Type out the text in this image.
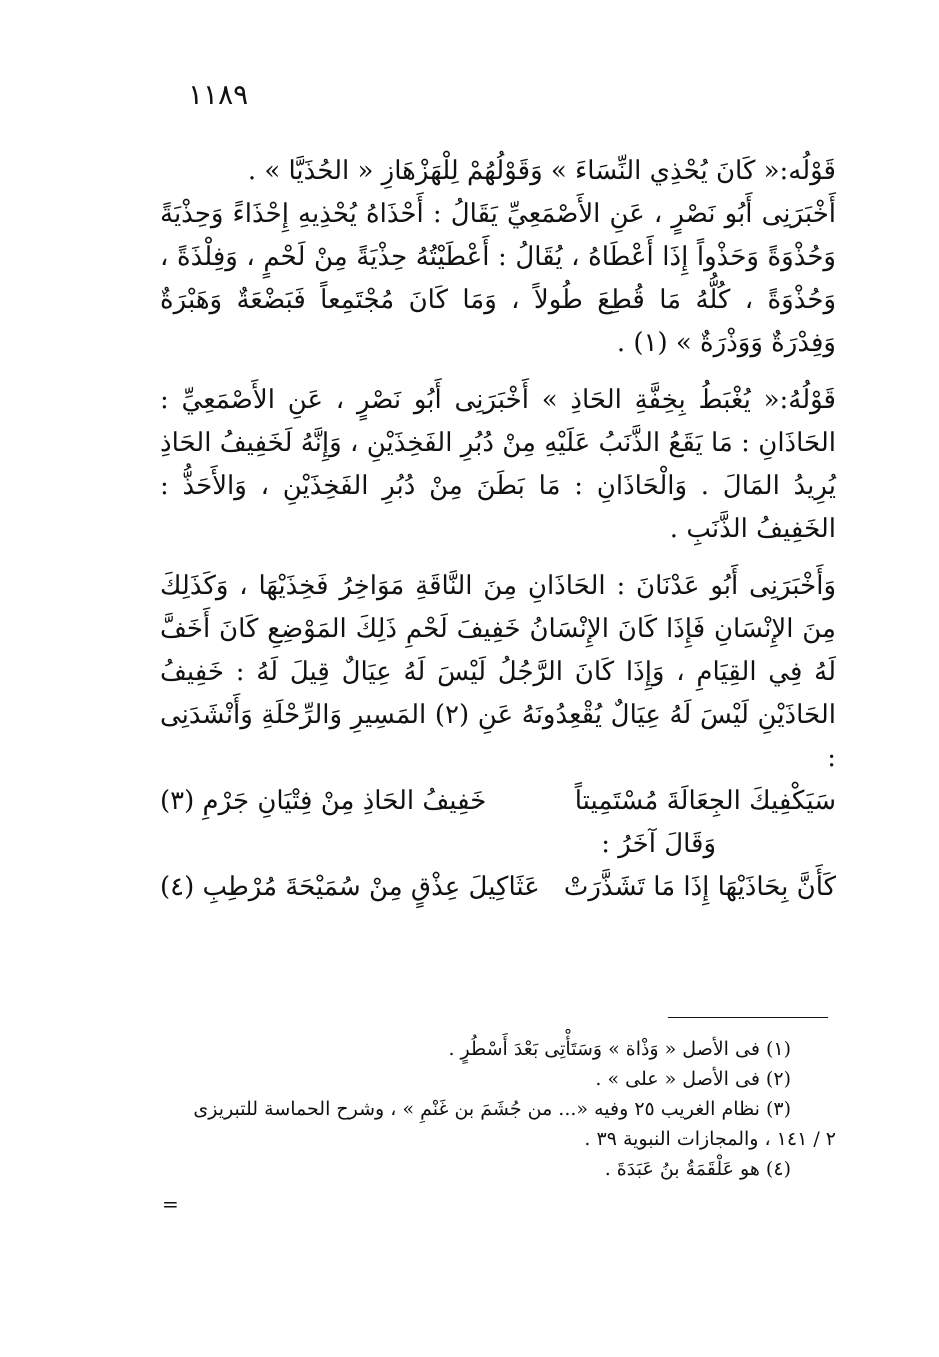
١١٨٩

قَوْلُه:« كَانَ يُحْذِي النِّسَاءَ » وَقَوْلُهُمْ لِلْهَزْهَازِ « الحُذَيَّا » .

أَخْبَرَنِى أَبُو نَصْرٍ ، عَنِ الأَصْمَعِيِّ يَقَالُ : أَحْذَاهُ يُحْذِيهِ إِحْذَاءً وَحِذْيَةً وَحُذْوَةً وَحَذْواً إِذَا أَعْطَاهُ ، يُقَالُ : أَعْطَيْتُهُ حِذْيَةً مِنْ لَحْمٍ ، وَفِلْذَةً ، وَحُذْوَةً ، كُلُّهُ مَا قُطِعَ طُولاً ، وَمَا كَانَ مُجْتَمِعاً فَبَضْعَةٌ وَهَبْرَةٌ وَفِدْرَةٌ وَوَذْرَةٌ » (١) .

قَوْلُهُ:« يُغْبَطُ بِخِفَّةِ الحَاذِ » أَخْبَرَنِى أَبُو نَصْرٍ ، عَنِ الأَصْمَعِيِّ : الحَاذَانِ : مَا يَقَعُ الذَّنَبُ عَلَيْهِ مِنْ دُبُرِ الفَخِذَيْنِ ، وَإِنَّهُ لَخَفِيفُ الحَاذِ يُرِيدُ المَالَ . وَالْحَاذَانِ : مَا بَطَنَ مِنْ دُبُرِ الفَخِذَيْنِ ، وَالأَحَذُّ : الخَفِيفُ الذَّنَبِ .

وَأَخْبَرَنِى أَبُو عَدْنَانَ : الحَاذَانِ مِنَ النَّاقَةِ مَوَاخِرُ فَخِذَيْهَا ، وَكَذَلِكَ مِنَ الإِنْسَانِ فَإِذَا كَانَ الإِنْسَانُ خَفِيفَ لَحْمِ ذَلِكَ المَوْضِعِ كَانَ أَخَفَّ لَهُ فِي القِيَامِ ، وَإِذَا كَانَ الرَّجُلُ لَيْسَ لَهُ عِيَالٌ قِيلَ لَهُ : خَفِيفُ الحَاذَيْنِ لَيْسَ لَهُ عِيَالٌ يُقْعِدُونَهُ عَنِ (٢) المَسِيرِ وَالرِّحْلَةِ وَأَنْشَدَنِى :

سَيَكْفِيكَ الجِعَالَةَ مُسْتَمِيتاً
خَفِيفُ الحَاذِ مِنْ فِتْيَانِ جَرْمِ (٣)

وَقَالَ آخَرُ :

كَأَنَّ بِحَاذَيْهَا إِذَا مَا تَشَذَّرَتْ
عَثَاكِيلَ عِذْقٍ مِنْ سُمَيْحَةَ مُرْطِبِ (٤)

(١) فى الأصل « وَذْاة » وَسَتَأْتِى بَعْدَ أَسْطُرٍ .

(٢) فى الأصل « على » .

(٣) نظام الغريب ٢٥ وفيه «... من جُشَمَ بن غَنْمِ » ، وشرح الحماسة للتبريزى

٢ / ١٤١ ، والمجازات النبوية ٣٩ .

(٤) هو عَلْقَمَةُ بنُ عَبَدَةَ .

=
